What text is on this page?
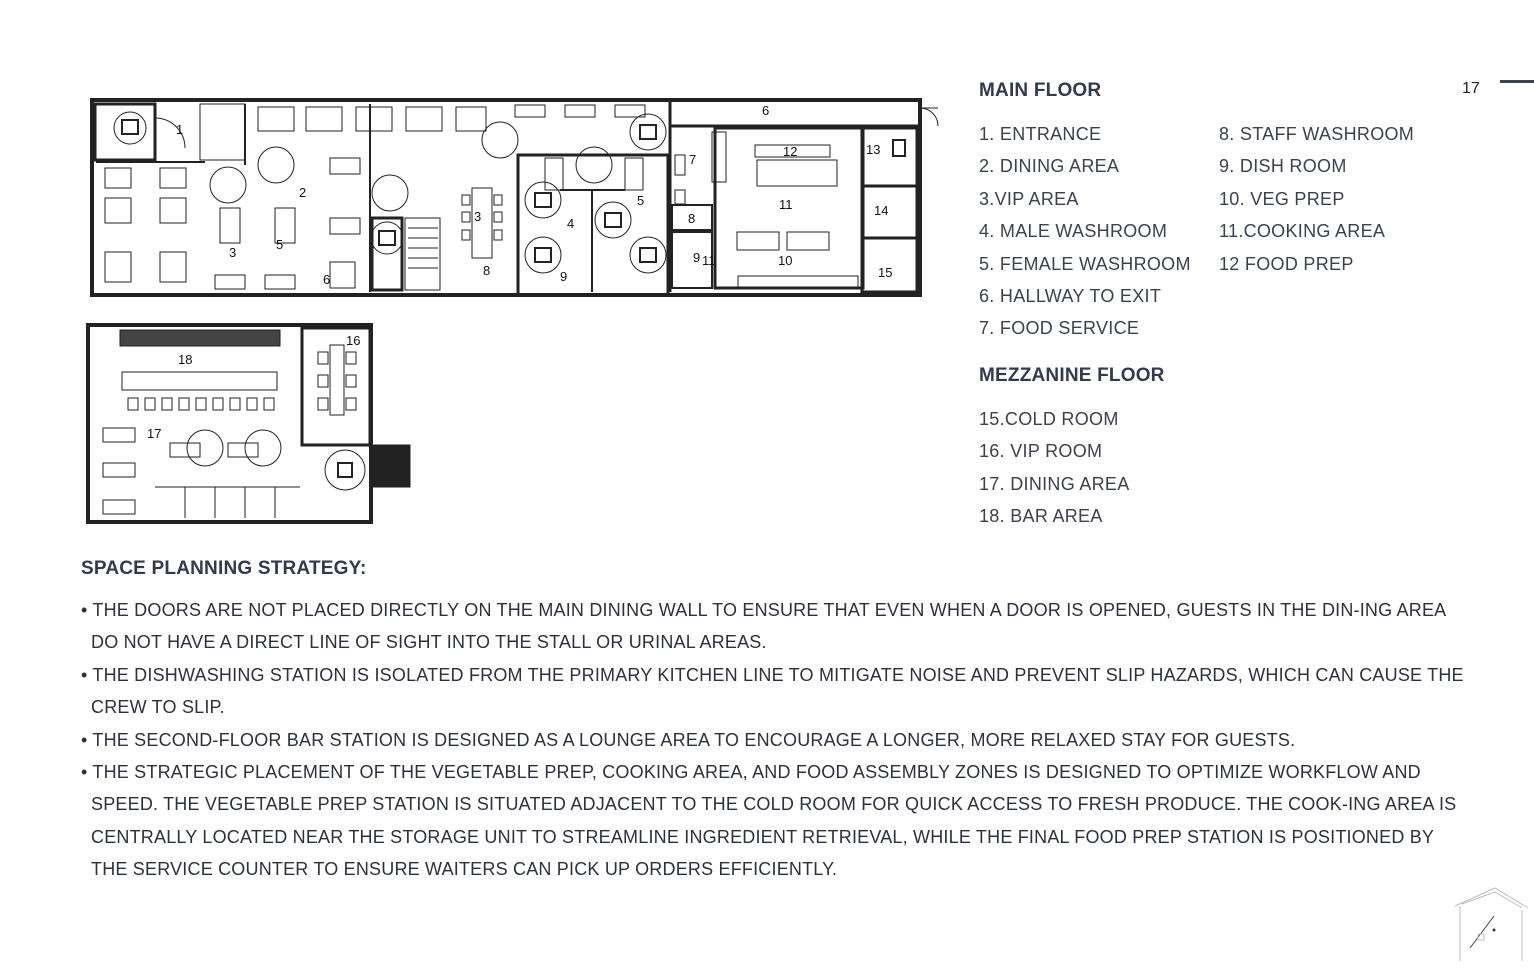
1
2
3	4
5
6
7
8
8
9	10
11
12	13
14
15
3
5
6	9
11
16
17
18
17
MAIN FLOOR
1. ENTRANCE
2. DINING AREA
3.VIP AREA
4. MALE WASHROOM
5. FEMALE WASHROOM
6. HALLWAY TO EXIT
7. FOOD SERVICE
8. STAFF WASHROOM
9. DISH ROOM
10. VEG PREP
11.COOKING AREA
12 FOOD PREP
MEZZANINE FLOOR
15.COLD ROOM
16. VIP ROOM
17. DINING AREA
18. BAR AREA
SPACE PLANNING STRATEGY:
• THE DOORS ARE NOT PLACED DIRECTLY ON THE MAIN DINING WALL TO ENSURE THAT EVEN WHEN A DOOR IS OPENED, GUESTS IN THE DIN-ING AREA DO NOT HAVE A DIRECT LINE OF SIGHT INTO THE STALL OR URINAL AREAS.
• THE DISHWASHING STATION IS ISOLATED FROM THE PRIMARY KITCHEN LINE TO MITIGATE NOISE AND PREVENT SLIP HAZARDS, WHICH CAN CAUSE THE CREW TO SLIP.
• THE SECOND-FLOOR BAR STATION IS DESIGNED AS A LOUNGE AREA TO ENCOURAGE A LONGER, MORE RELAXED STAY FOR GUESTS.
• THE STRATEGIC PLACEMENT OF THE VEGETABLE PREP, COOKING AREA, AND FOOD ASSEMBLY ZONES IS DESIGNED TO OPTIMIZE WORKFLOW AND SPEED. THE VEGETABLE PREP STATION IS SITUATED ADJACENT TO THE COLD ROOM FOR QUICK ACCESS TO FRESH PRODUCE. THE COOK-ING AREA IS CENTRALLY LOCATED NEAR THE STORAGE UNIT TO STREAMLINE INGREDIENT RETRIEVAL, WHILE THE FINAL FOOD PREP STATION IS POSITIONED BY THE SERVICE COUNTER TO ENSURE WAITERS CAN PICK UP ORDERS EFFICIENTLY.
